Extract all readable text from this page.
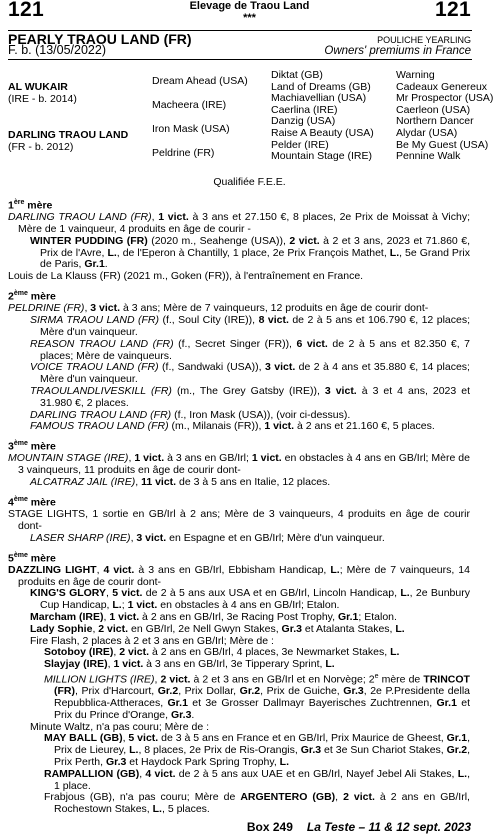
121	121
Elevage de Traou Land
***
PEARLY TRAOU LAND (FR)
F. b. (13/05/2022)
POULICHE YEARLING
Owners' premiums in France
AL WUKAIR
(IRE - b. 2014)
DARLING TRAOU LAND
(FR - b. 2012)
Dream Ahead (USA)
Macheera (IRE)
Iron Mask (USA)
Peldrine (FR)
Diktat (GB)
Land of Dreams (GB)
Machiavellian (USA)
Caerlina (IRE)
Danzig (USA)
Raise A Beauty (USA)
Pelder (IRE)
Mountain Stage (IRE)
Warning
Cadeaux Genereux
Mr Prospector (USA)
Caerleon (USA)
Northern Dancer
Alydar (USA)
Be My Guest (USA)
Pennine Walk
Qualifiée F.E.E.
1ère mère
DARLING TRAOU LAND (FR), 1 vict. à 3 ans et 27.150 €, 8 places, 2e Prix de Moissat à Vichy; Mère de 1 vainqueur, 4 produits en âge de courir -
WINTER PUDDING (FR) (2020 m., Seahenge (USA)), 2 vict. à 2 et 3 ans, 2023 et 71.860 €, Prix de l'Avre, L., de l'Eperon à Chantilly, 1 place, 2e Prix François Mathet, L., 5e Grand Prix de Paris, Gr.1.
Louis de La Klauss (FR) (2021 m., Goken (FR)), à l'entraînement en France.
2ème mère
PELDRINE (FR), 3 vict. à 3 ans; Mère de 7 vainqueurs, 12 produits en âge de courir dont-
SIRMA TRAOU LAND (FR) (f., Soul City (IRE)), 8 vict. de 2 à 5 ans et 106.790 €, 12 places; Mère d'un vainqueur.
REASON TRAOU LAND (FR) (f., Secret Singer (FR)), 6 vict. de 2 à 5 ans et 82.350 €, 7 places; Mère de vainqueurs.
VOICE TRAOU LAND (FR) (f., Sandwaki (USA)), 3 vict. de 2 à 4 ans et 35.880 €, 14 places; Mère d'un vainqueur.
TRAOULANDLIVESKILL (FR) (m., The Grey Gatsby (IRE)), 3 vict. à 3 et 4 ans, 2023 et 31.980 €, 2 places.
DARLING TRAOU LAND (FR) (f., Iron Mask (USA)), (voir ci-dessus).
FAMOUS TRAOU LAND (FR) (m., Milanais (FR)), 1 vict. à 2 ans et 21.160 €, 5 places.
3ème mère
MOUNTAIN STAGE (IRE), 1 vict. à 3 ans en GB/Irl; 1 vict. en obstacles à 4 ans en GB/Irl; Mère de 3 vainqueurs, 11 produits en âge de courir dont-
ALCATRAZ JAIL (IRE), 11 vict. de 3 à 5 ans en Italie, 12 places.
4ème mère
STAGE LIGHTS, 1 sortie en GB/Irl à 2 ans; Mère de 3 vainqueurs, 4 produits en âge de courir dont-
LASER SHARP (IRE), 3 vict. en Espagne et en GB/Irl; Mère d'un vainqueur.
5ème mère
DAZZLING LIGHT, 4 vict. à 3 ans en GB/Irl, Ebbisham Handicap, L.; Mère de 7 vainqueurs, 14 produits en âge de courir dont-
KING'S GLORY, 5 vict. de 2 à 5 ans aux USA et en GB/Irl, Lincoln Handicap, L., 2e Bunbury Cup Handicap, L.; 1 vict. en obstacles à 4 ans en GB/Irl; Etalon.
Marcham (IRE), 1 vict. à 2 ans en GB/Irl, 3e Racing Post Trophy, Gr.1; Etalon.
Lady Sophie, 2 vict. en GB/Irl, 2e Nell Gwyn Stakes, Gr.3 et Atalanta Stakes, L.
Fire Flash, 2 places à 2 et 3 ans en GB/Irl; Mère de :
Sotoboy (IRE), 2 vict. à 2 ans en GB/Irl, 4 places, 3e Newmarket Stakes, L.
Slayjay (IRE), 1 vict. à 3 ans en GB/Irl, 3e Tipperary Sprint, L.
MILLION LIGHTS (IRE), 2 vict. à 2 et 3 ans en GB/Irl et en Norvège; 2e mère de TRINCOT (FR), Prix d'Harcourt, Gr.2, Prix Dollar, Gr.2, Prix de Guiche, Gr.3, 2e P.Presidente della Repubblica-Attheraces, Gr.1 et 3e Grosser Dallmayr Bayerisches Zuchtrennen, Gr.1 et Prix du Prince d'Orange, Gr.3.
Minute Waltz, n'a pas couru; Mère de :
MAY BALL (GB), 5 vict. de 3 à 5 ans en France et en GB/Irl, Prix Maurice de Gheest, Gr.1, Prix de Lieurey, L., 8 places, 2e Prix de Ris-Orangis, Gr.3 et 3e Sun Chariot Stakes, Gr.2, Prix Perth, Gr.3 et Haydock Park Spring Trophy, L.
RAMPALLION (GB), 4 vict. de 2 à 5 ans aux UAE et en GB/Irl, Nayef Jebel Ali Stakes, L., 1 place.
Frabjous (GB), n'a pas couru; Mère de ARGENTERO (GB), 2 vict. à 2 ans en GB/Irl, Rochestown Stakes, L., 5 places.
Box 249 La Teste – 11 & 12 sept. 2023
